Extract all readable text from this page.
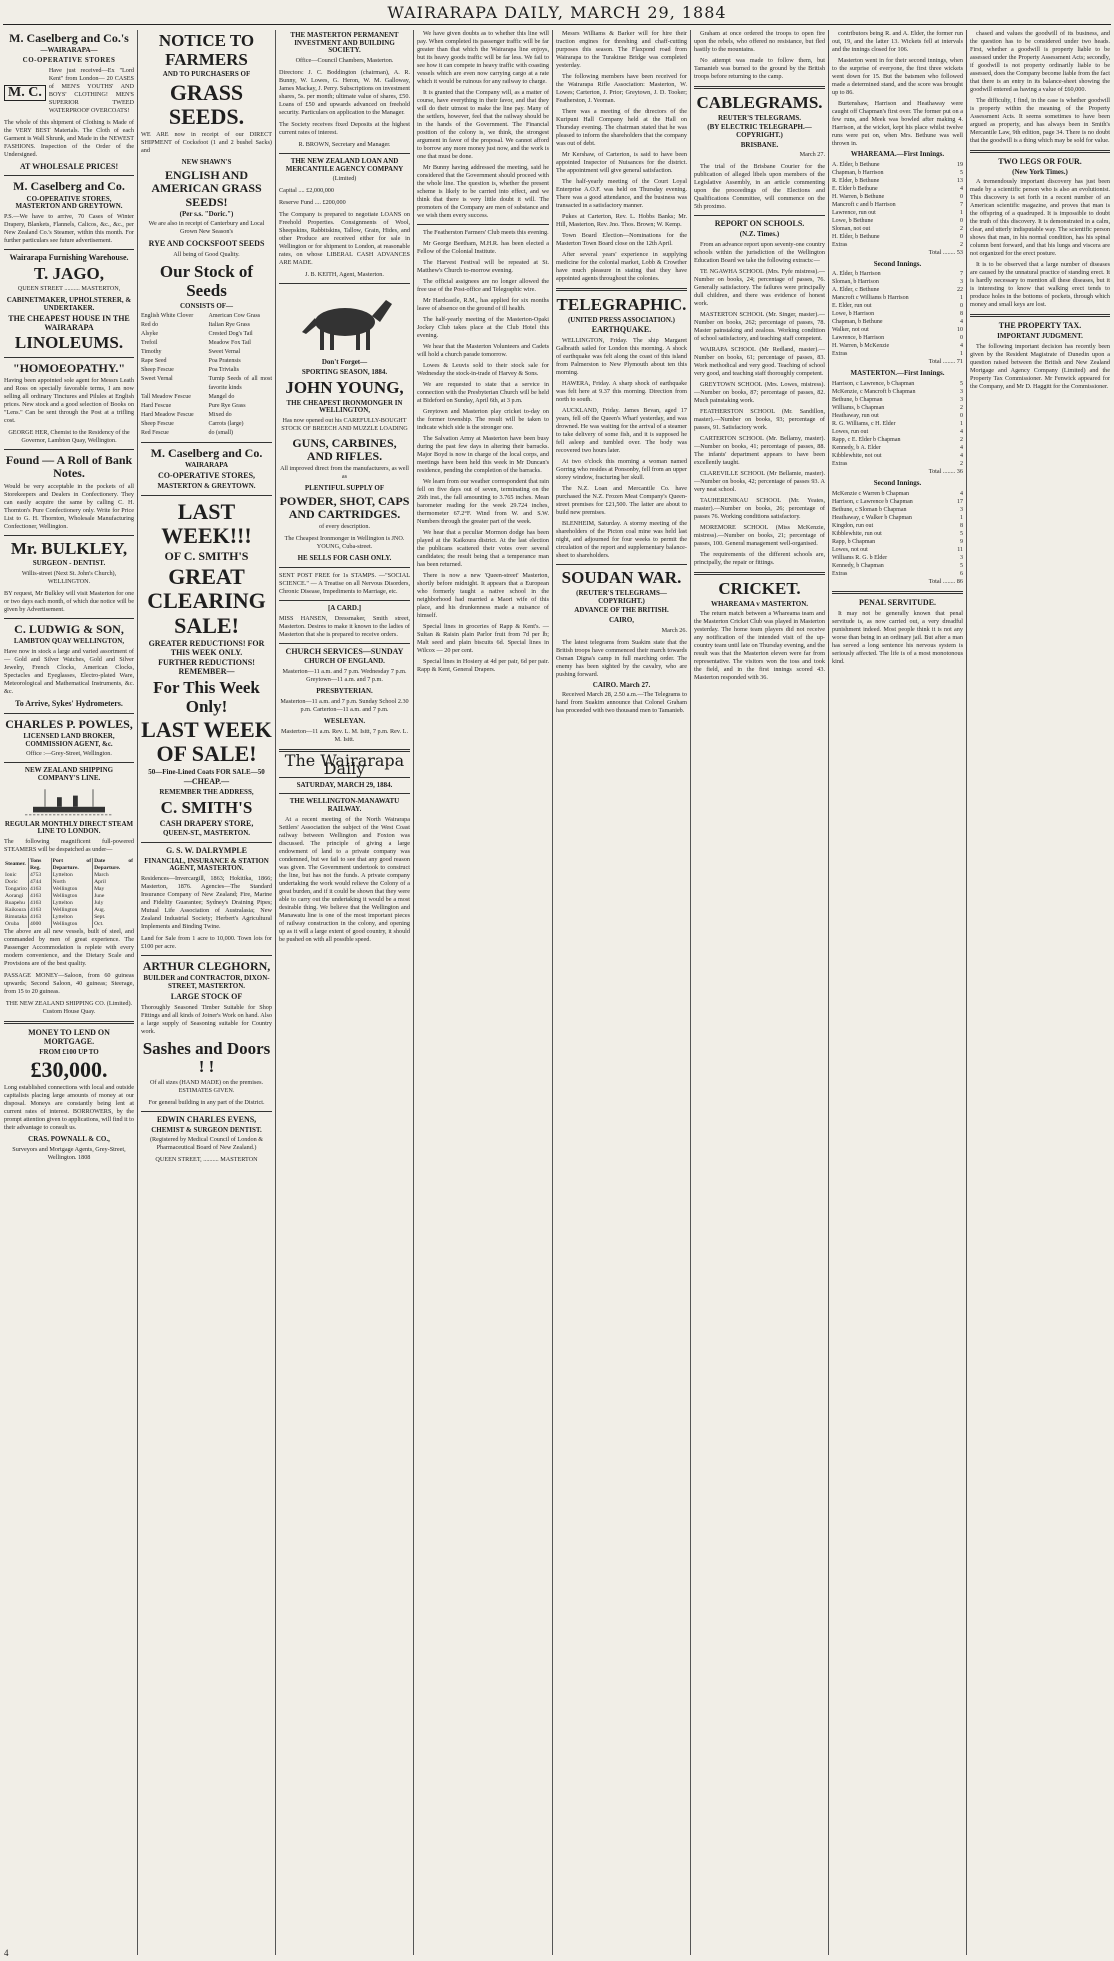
WAIRARAPA DAILY, MARCH 29, 1884
M. Caselberg and Co.'s
—WAIRARAPA—
CO-OPERATIVE STORES
M. C.
Have just received—Ex "Lord Kent" from London— 20 CASES of MEN'S YOUTHS' AND BOYS' CLOTHING! MEN'S SUPERIOR TWEED WATERPROOF OVERCOATS!
The whole of this shipment of Clothing is Made of the VERY BEST Materials. The Cloth of each Garment is Wall Shrunk, and Made in the NEWEST FASHIONS. Inspection of the Order of the Undersigned.
AT WHOLESALE PRICES!
M. Caselberg and Co.
CO-OPERATIVE STORES, MASTERTON AND GREYTOWN.
P.S.—We have to arrive, 70 Cases of Winter Drapery, Blankets, Flannels, Calicos, &c., &c., per New Zealand Co.'s Steamer, within this month. For further particulars see future advertisement.
Wairarapa Furnishing Warehouse.
T. JAGO,
QUEEN STREET .......... MASTERTON,
CABINETMAKER, UPHOLSTERER, & UNDERTAKER.
THE CHEAPEST HOUSE IN THE WAIRARAPA
LINOLEUMS.
"HOMOEOPATHY."
Having been appointed sole agent for Messrs Leath and Ross on specially favorable terms, I am now selling all ordinary Tinctures and Pilules at English prices. New stock and a good selection of Books on "Lens." Can be sent through the Post at a trifling cost.
GEORGE HER, Chemist to the Residency of the Governor, Lambton Quay, Wellington.
Found — A Roll of Bank Notes.
Would be very acceptable in the pockets of all Storekeepers and Dealers in Confectionery. They can easily acquire the same by calling C. H. Thornton's Pure Confectionery only. Write for Price List to G. H. Thornton, Wholesale Manufacturing Confectioner, Wellington.
Mr. BULKLEY,
SURGEON - DENTIST.
Willis-street (Next St. John's Church), WELLINGTON.
BY request, Mr Bulkley will visit Masterton for one or two days each month, of which due notice will be given by Advertisement.
C. LUDWIG & SON,
LAMBTON QUAY WELLINGTON,
Have now in stock a large and varied assortment of— Gold and Silver Watches, Gold and Silver Jewelry, French Clocks, American Clocks, Spectacles and Eyeglasses, Electro-plated Ware, Meteorological and Mathematical Instruments, &c. &c.
To Arrive, Sykes' Hydrometers.
CHARLES P. POWLES,
LICENSED LAND BROKER, COMMISSION AGENT, &c.
Office :—Grey-Street, Wellington.
NEW ZEALAND SHIPPING COMPANY'S LINE.
REGULAR MONTHLY DIRECT STEAM LINE TO LONDON.
The following magnificent full-powered STEAMERS will be despatched as under—
Steamer.	Tons Reg.	Port of Departure.	Date of Departure.
Ionic	4753	Lyttelton	March
Doric	4744	North	April
Tongariro	4163	Wellington	May
Aorangi	4163	Wellington	June
Ruapehu	4163	Lyttelton	July
Kaikoura	4163	Wellington	Aug.
Rimutaka	4163	Lyttelton	Sept.
Oruba	4000	Wellington	Oct.
The above are all new vessels, built of steel, and commanded by men of great experience. The Passenger Accommodation is replete with every modern convenience, and the Dietary Scale and Provisions are of the best quality.
PASSAGE MONEY—Saloon, from 60 guineas upwards; Second Saloon, 40 guineas; Steerage, from 15 to 20 guineas.
THE NEW ZEALAND SHIPPING CO. (Limited). Custom House Quay.
MONEY TO LEND ON MORTGAGE.
FROM £100 UP TO
£30,000.
Long established connections with local and outside capitalists placing large amounts of money at our disposal. Moneys are constantly being lent at current rates of interest. BORROWERS, by the prompt attention given to applications, will find it to their advantage to consult us.
CRAS. POWNALL & CO.,
Surveyors and Mortgage Agents, Grey-Street, Wellington. 1808
NOTICE TO FARMERS
AND TO PURCHASERS OF
GRASS SEEDS.
WE ARE now in receipt of our DIRECT SHIPMENT of Cocksfoot (1 and 2 bushel Sacks) and
NEW SHAWN'S
ENGLISH AND AMERICAN GRASS SEEDS!
(Per s.s. "Doric.")
We are also in receipt of Canterbury and Local Grown New Season's
RYE AND COCKSFOOT SEEDS
All being of Good Quality.
Our Stock of Seeds
CONSISTS OF—
English White Clover	American Cow Grass
Red do	Italian Rye Grass
Alsyke	Crested Dog's Tail
Trefoil	Meadow Fox Tail
Timothy	Sweet Vernal
Rape Seed	Poa Pratensis
Sheep Fescue	Poa Trivialis
Sweet Vernal	Turnip Seeds of all most favorite kinds
Tall Meadow Fescue	Mangel do
Hard Fescue	Pure Rye Grass
Hard Meadow Fescue	Mixed do
Sheep Fescue	Carrots (large)
Red Fescue	do (small)
M. Caselberg and Co.
WAIRARAPA
CO-OPERATIVE STORES,
MASTERTON & GREYTOWN.
LAST WEEK!!!
OF C. SMITH'S
GREAT CLEARING SALE!
GREATER REDUCTIONS! FOR THIS WEEK ONLY.
FURTHER REDUCTIONS! REMEMBER—
For This Week Only!
LAST WEEK OF SALE!
50—Fine-Lined Coats FOR SALE—50
—CHEAP.—
REMEMBER THE ADDRESS,
C. SMITH'S
CASH DRAPERY STORE,
QUEEN-ST., MASTERTON.
G. S. W. DALRYMPLE
FINANCIAL, INSURANCE & STATION AGENT, MASTERTON.
Residences—Invercargill, 1863; Hokitika, 1866; Masterton, 1876. Agencies—The Standard Insurance Company of New Zealand; Fire, Marine and Fidelity Guarantee; Sydney's Draining Pipes; Mutual Life Association of Australasia; New Zealand Industrial Society; Herbert's Agricultural Implements and Binding Twine.
Land for Sale from 1 acre to 10,000. Town lots for £100 per acre.
ARTHUR CLEGHORN,
BUILDER and CONTRACTOR, DIXON-STREET, MASTERTON.
LARGE STOCK OF
Thoroughly Seasoned Timber Suitable for Shop Fittings and all kinds of Joiner's Work on hand. Also a large supply of Seasoning suitable for Country work.
Sashes and Doors ! !
Of all sizes (HAND MADE) on the premises. ESTIMATES GIVEN.
For general building in any part of the District.
EDWIN CHARLES EVENS,
CHEMIST & SURGEON DENTIST.
(Registered by Medical Council of London & Pharmaceutical Board of New Zealand.)
QUEEN STREET, .......... MASTERTON
THE MASTERTON PERMANENT INVESTMENT AND BUILDING SOCIETY.
Office—Council Chambers, Masterton.
Directors: J. C. Boddington (chairman), A. R. Bunny, W. Lowes, G. Heron, W. M. Galloway, James Mackay, J. Perry. Subscriptions on investment shares, 5s. per month; ultimate value of shares, £50. Loans of £50 and upwards advanced on freehold security. Particulars on application to the Manager.
The Society receives fixed Deposits at the highest current rates of interest.
R. BROWN, Secretary and Manager.
THE NEW ZEALAND LOAN AND MERCANTILE AGENCY COMPANY
(Limited)
Capital .... £2,000,000
Reserve Fund .... £200,000
The Company is prepared to negotiate LOANS on Freehold Properties. Consignments of Wool, Sheepskins, Rabbitskins, Tallow, Grain, Hides, and other Produce are received either for sale in Wellington or for shipment to London, at reasonable rates, on whose LIBERAL CASH ADVANCES ARE MADE.
J. B. KEITH, Agent, Masterton.
Don't Forget—
SPORTING SEASON, 1884.
JOHN YOUNG,
THE CHEAPEST IRONMONGER IN WELLINGTON,
Has now opened out his CAREFULLY-BOUGHT STOCK OF BREECH AND MUZZLE LOADING
GUNS, CARBINES, AND RIFLES.
All improved direct from the manufacturers, as well as
PLENTIFUL SUPPLY OF
POWDER, SHOT, CAPS AND CARTRIDGES.
of every description.
The Cheapest Ironmonger in Wellington is JNO. YOUNG, Cuba-street.
HE SELLS FOR CASH ONLY.
SENT POST FREE for 1s STAMPS. —"SOCIAL SCIENCE." — A Treatise on all Nervous Disorders, Chronic Disease, Impediments to Marriage, etc.
[A CARD.]
MISS HANSEN, Dressmaker, Smith street, Masterton. Desires to make it known to the ladies of Masterton that she is prepared to receive orders.
CHURCH SERVICES—SUNDAY
CHURCH OF ENGLAND.
Masterton—11 a.m. and 7 p.m. Wednesday 7 p.m. Greytown—11 a.m. and 7 p.m.
PRESBYTERIAN.
Masterton—11 a.m. and 7 p.m. Sunday School 2.30 p.m. Carterton—11 a.m. and 7 p.m.
WESLEYAN.
Masterton—11 a.m. Rev. L. M. Isitt, 7 p.m. Rev. L. M. Isitt.
The Wairarapa Daily
SATURDAY, MARCH 29, 1884.
THE WELLINGTON-MANAWATU RAILWAY.
At a recent meeting of the North Wairarapa Settlers' Association the subject of the West Coast railway between Wellington and Foxton was discussed. The principle of giving a large endowment of land to a private company was condemned, but we fail to see that any good reason was given. The Government undertook to construct the line, but has not the funds. A private company undertaking the work would relieve the Colony of a great burden, and if it could be shown that they were able to carry out the undertaking it would be a most desirable thing. We believe that the Wellington and Manawatu line is one of the most important pieces of railway construction in the colony, and opening up as it will a large extent of good country, it should be pushed on with all possible speed.
We have given doubts as to whether this line will pay. When completed its passenger traffic will be far greater than that which the Wairarapa line enjoys, but its heavy goods traffic will be far less. We fail to see how it can compete in heavy traffic with coasting vessels which are even now carrying cargo at a rate which it would be ruinous for any railway to charge.
It is granted that the Company will, as a matter of course, have everything in their favor, and that they will do their utmost to make the line pay. Many of the settlers, however, feel that the railway should be in the hands of the Government. The Financial position of the colony is, we think, the strongest argument in favor of the proposal. We cannot afford to borrow any more money just now, and the work is one that must be done.
Mr Bunny having addressed the meeting, said he considered that the Government should proceed with the whole line. The question is, whether the present scheme is likely to be carried into effect, and we think that there is very little doubt it will. The promoters of the Company are men of substance and we wish them every success.
The Featherston Farmers' Club meets this evening.
Mr George Beetham, M.H.R. has been elected a Fellow of the Colonial Institute.
The Harvest Festival will be repeated at St. Matthew's Church to-morrow evening.
The official assignees are no longer allowed the free use of the Post-office and Telegraphic wire.
Mr Hardcastle, R.M., has applied for six months leave of absence on the ground of ill health.
The half-yearly meeting of the Masterton-Opaki Jockey Club takes place at the Club Hotel this evening.
We hear that the Masterton Volunteers and Cadets will hold a church parade tomorrow.
Lowes & Leuvis sold to their stock sale for Wednesday the stock-in-trade of Harvey & Sons.
We are requested to state that a service in connection with the Presbyterian Church will be held at Bideford on Sunday, April 6th, at 3 p.m.
Greytown and Masterton play cricket to-day on the former township. The result will be taken to indicate which side is the stronger one.
The Salvation Army at Masterton have been busy during the past few days in altering their barracks. Major Boyd is now in charge of the local corps, and meetings have been held this week in Mr Duncan's residence, pending the completion of the barracks.
We learn from our weather correspondent that rain fell on five days out of seven, terminating on the 26th inst., the fall amounting to 3.765 inches. Mean barometer reading for the week 29.724 inches, thermometer 67.2°F. Wind from W. and S.W. Numbers through the greater part of the week.
We hear that a peculiar Mormon dodge has been played at the Kaikoura district. At the last election the publicans scattered their votes over several candidates; the result being that a temperance man has been returned.
There is now a new 'Queen-street' Masterton, shortly before midnight. It appears that a European who formerly taught a native school in the neighborhood had married a Maori wife of this place, and his drunkenness made a nuisance of himself.
Special lines in groceries of Rapp & Kent's. — Sultan & Raisin plain Parlor fruit from 7d per lb; Malt seed and plain biscuits 6d. Special lines in Wilcox — 20 per cent.
Special lines in Hosiery at 4d per pair, 6d per pair. Rapp & Kent, General Drapers.
Messrs Williams & Barker will for hire their traction engines for threshing and chaff-cutting purposes this season. The Flaxpond road from Wairarapa to the Turakirae Bridge was completed yesterday.
The following members have been received for the Wairarapa Rifle Association: Masterton, W. Lowes; Carterton, J. Prior; Greytown, J. D. Tooker; Featherston, J. Yeoman.
There was a meeting of the directors of the Kuripuni Hall Company held at the Hall on Thursday evening. The chairman stated that he was pleased to inform the shareholders that the company was out of debt.
Mr Kershaw, of Carterton, is said to have been appointed Inspector of Nuisances for the district. The appointment will give general satisfaction.
The half-yearly meeting of the Court Loyal Enterprise A.O.F. was held on Thursday evening. There was a good attendance, and the business was transacted in a satisfactory manner.
Pukes at Carterton, Rev. L. Hobbs Banks; Mr. Hill, Masterton, Rev. Jno. Thos. Brown; W. Kemp.
Town Board Election—Nominations for the Masterton Town Board close on the 12th April.
After several years' experience in supplying medicine for the colonial market, Lobb & Crowther have much pleasure in stating that they have appointed agents throughout the colonies.
TELEGRAPHIC.
(UNITED PRESS ASSOCIATION.)
EARTHQUAKE.
WELLINGTON, Friday. The ship Margaret Galbraith sailed for London this morning. A shock of earthquake was felt along the coast of this island from Palmerston to New Plymouth about ten this morning.
HAWERA, Friday. A sharp shock of earthquake was felt here at 9.37 this morning. Direction from north to south.
AUCKLAND, Friday. James Bevan, aged 17 years, fell off the Queen's Wharf yesterday, and was drowned. He was waiting for the arrival of a steamer to take delivery of some fish, and it is supposed he fell asleep and tumbled over. The body was recovered two hours later.
At two o'clock this morning a woman named Gorring who resides at Ponsonby, fell from an upper storey window, fracturing her skull.
The N.Z. Loan and Mercantile Co. have purchased the N.Z. Frozen Meat Company's Queen-street premises for £21,500. The latter are about to build new premises.
BLENHEIM, Saturday. A stormy meeting of the shareholders of the Picton coal mine was held last night, and adjourned for four weeks to permit the circulation of the report and supplementary balance-sheet to shareholders.
SOUDAN WAR.
(REUTER'S TELEGRAMS—COPYRIGHT.)
ADVANCE OF THE BRITISH.
CAIRO,
March 26.
The latest telegrams from Suakim state that the British troops have commenced their march towards Osman Digna's camp in full marching order. The enemy has been sighted by the cavalry, who are pushing forward.
CAIRO. March 27.
Received March 28, 2.50 a.m.—The Telegrams to hand from Suakim announce that Colonel Graham has proceeded with two thousand men to Tamanieb.
Graham at once ordered the troops to open fire upon the rebels, who offered no resistance, but fled hastily to the mountains.
No attempt was made to follow them, but Tamanieb was burned to the ground by the British troops before returning to the camp.
CABLEGRAMS.
REUTER'S TELEGRAMS.
(BY ELECTRIC TELEGRAPH.—COPYRIGHT.)
BRISBANE.
March 27.
The trial of the Brisbane Courier for the publication of alleged libels upon members of the Legislative Assembly, in an article commenting upon the proceedings of the Elections and Qualifications Committee, will commence on the 5th proximo.
REPORT ON SCHOOLS.
(N.Z. Times.)
From an advance report upon seventy-one country schools within the jurisdiction of the Wellington Education Board we take the following extracts:—
TE NGAWHA SCHOOL (Mrs. Fyfe mistress).—Number on books, 24; percentage of passes, 76. Generally satisfactory. The failures were principally dull children, and there was evidence of honest work.
MASTERTON SCHOOL (Mr. Singer, master).—Number on books, 262; percentage of passes, 78. Master painstaking and zealous. Working condition of school satisfactory, and teaching staff competent.
WAIRAPA SCHOOL (Mr Redland, master).—Number on books, 61; percentage of passes, 83. Work methodical and very good. Teaching of school very good, and teaching staff thoroughly competent.
GREYTOWN SCHOOL (Mrs. Lowes, mistress).—Number on books, 87; percentage of passes, 82. Much painstaking work.
FEATHERSTON SCHOOL (Mr. Sandillon, master).—Number on books, 93; percentage of passes, 91. Satisfactory work.
CARTERTON SCHOOL (Mr. Bellamy, master).—Number on books, 41; percentage of passes, 88. The infants' department appears to have been excellently taught.
CLAREVILLE SCHOOL (Mr Bellamie, master).—Number on books, 42; percentage of passes 93. A very neat school.
TAUHERENIKAU SCHOOL (Mr. Yeates, master).—Number on books, 26; percentage of passes 76. Working conditions satisfactory.
MOREMORE SCHOOL (Miss McKenzie, mistress).—Number on books, 21; percentage of passes, 100. General management well-organised.
The requirements of the different schools are, principally, the repair or fittings.
CRICKET.
WHAREAMA v MASTERTON.
The return match between a Whareama team and the Masterton Cricket Club was played in Masterton yesterday. The home team players did not receive any notification of the intended visit of the up-country team until late on Thursday evening, and the result was that the Masterton eleven were far from representative. The visitors won the toss and took the field, and in the first innings scored 43. Masterton responded with 36.
contributors being R. and A. Elder, the former run out, 19, and the latter 13. Wickets fell at intervals and the innings closed for 106.
Masterton went in for their second innings, when to the surprise of everyone, the first three wickets went down for 15. But the batsmen who followed made a determined stand, and the score was brought up to 86.
Burtenshaw, Harrison and Heathaway were caught off Chapman's first over. The former put on a few runs, and Meek was bowled after making 4. Harrison, at the wicket, kept his place whilst twelve runs were put on, when Mrs. Bethune was well thrown in.
WHAREAMA.—First Innings.
A. Elder, b Bethune	19
Chapman, b Harrison	5
R. Elder, b Bethune	13
E. Elder b Bethune	4
H. Warren, b Bethune	0
Mancroft c and b Harrison	7
Lawrence, run out	1
Lowe, b Bethune	0
Sloman, not out	2
H. Elder, b Bethune	0
Extras	2
Total ........ 53
Second Innings.
A. Elder, b Harrison	7
Sloman, b Harrison	3
A. Elder, c Bethune	22
Mancroft c Williams b Harrison	1
E. Elder, run out	0
Lowe, b Harrison	8
Chapman, b Bethune	4
Walker, not out	10
Lawrence, b Harrison	0
H. Warren, b McKenzie	4
Extras	1
Total ........ 71
MASTERTON.—First Innings.
Harrison, c Lawrence, b Chapman	5
McKenzie, c Mancroft b Chapman	3
Bethune, b Chapman	3
Williams, b Chapman	2
Heathaway, run out	0
R. G. Williams, c H. Elder	1
Lowes, run out	4
Rapp, c E. Elder b Chapman	2
Kennedy, b A. Elder	4
Kibblewhite, not out	4
Extras	2
Total ........ 36
Second Innings.
McKenzie c Warren b Chapman	4
Harrison, c Lawrence b Chapman	17
Bethune, c Sloman b Chapman	3
Heathaway, c Walker b Chapman	1
Kingdon, run out	8
Kibblewhite, run out	5
Rapp, b Chapman	9
Lowes, not out	11
Williams R. G. b Elder	3
Kennedy, b Chapman	5
Extras	6
Total ........ 86
PENAL SERVITUDE.
It may not be generally known that penal servitude is, as now carried out, a very dreadful punishment indeed. Most people think it is not any worse than being in an ordinary jail. But after a man has served a long sentence his nervous system is seriously affected. The life is of a most monotonous kind.
chased and values the goodwill of its business, and the question has to be considered under two heads. First, whether a goodwill is property liable to be assessed under the Property Assessment Acts; secondly, if goodwill is not property ordinarily liable to be assessed, does the Company become liable from the fact that there is an entry in its balance-sheet showing the goodwill entered as having a value of £60,000.
The difficulty, I find, in the case is whether goodwill is property within the meaning of the Property Assessment Acts. It seems sometimes to have been argued as property, and has always been in Smith's Mercantile Law, 9th edition, page 34. There is no doubt that the goodwill is a thing which may be sold for value.
TWO LEGS OR FOUR.
(New York Times.)
A tremendously important discovery has just been made by a scientific person who is also an evolutionist. This discovery is set forth in a recent number of an American scientific magazine, and proves that man is the offspring of a quadruped. It is impossible to doubt the truth of this discovery. It is demonstrated in a calm, clear, and utterly indisputable way. The scientific person shows that man, in his normal condition, has his spinal column bent forward, and that his lungs and viscera are not organized for the erect posture.
It is to be observed that a large number of diseases are caused by the unnatural practice of standing erect. It is hardly necessary to mention all these diseases, but it is interesting to know that walking erect tends to produce holes in the bottoms of pockets, through which money and small keys are lost.
THE PROPERTY TAX.
IMPORTANT JUDGMENT.
The following important decision has recently been given by the Resident Magistrate of Dunedin upon a question raised between the British and New Zealand Mortgage and Agency Company (Limited) and the Property Tax Commissioner. Mr Fenwick appeared for the Company, and Mr D. Haggitt for the Commissioner.
4
